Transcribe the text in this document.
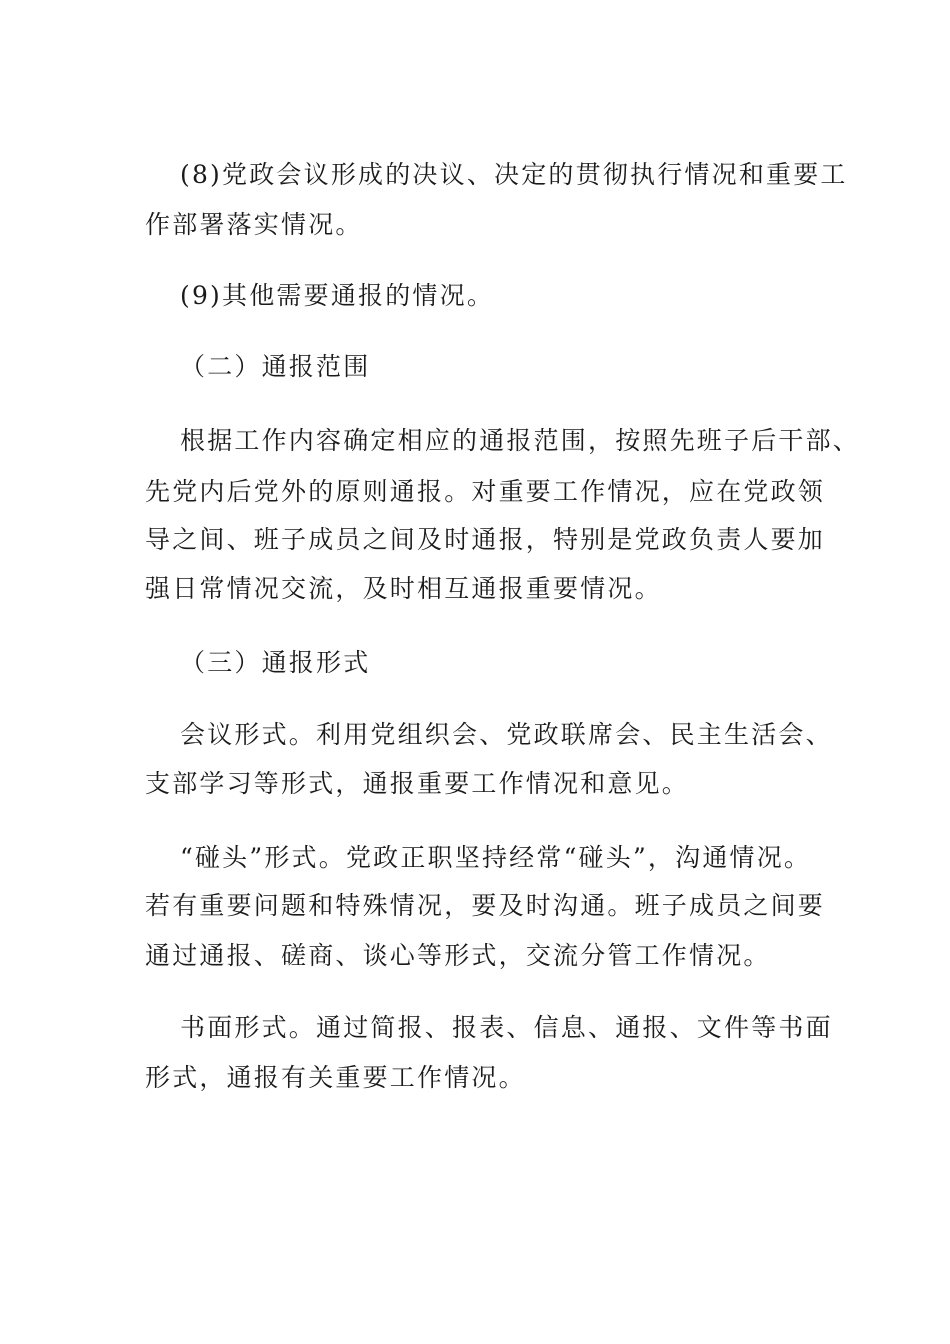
(8)党政会议形成的决议、决定的贯彻执行情况和重要工
作部署落实情况。
(9)其他需要通报的情况。
（二）通报范围
根据工作内容确定相应的通报范围，按照先班子后干部、
先党内后党外的原则通报。对重要工作情况，应在党政领
导之间、班子成员之间及时通报，特别是党政负责人要加
强日常情况交流，及时相互通报重要情况。
（三）通报形式
会议形式。利用党组织会、党政联席会、民主生活会、
支部学习等形式，通报重要工作情况和意见。
“碰头”形式。党政正职坚持经常“碰头”，沟通情况。
若有重要问题和特殊情况，要及时沟通。班子成员之间要
通过通报、磋商、谈心等形式，交流分管工作情况。
书面形式。通过简报、报表、信息、通报、文件等书面
形式，通报有关重要工作情况。
